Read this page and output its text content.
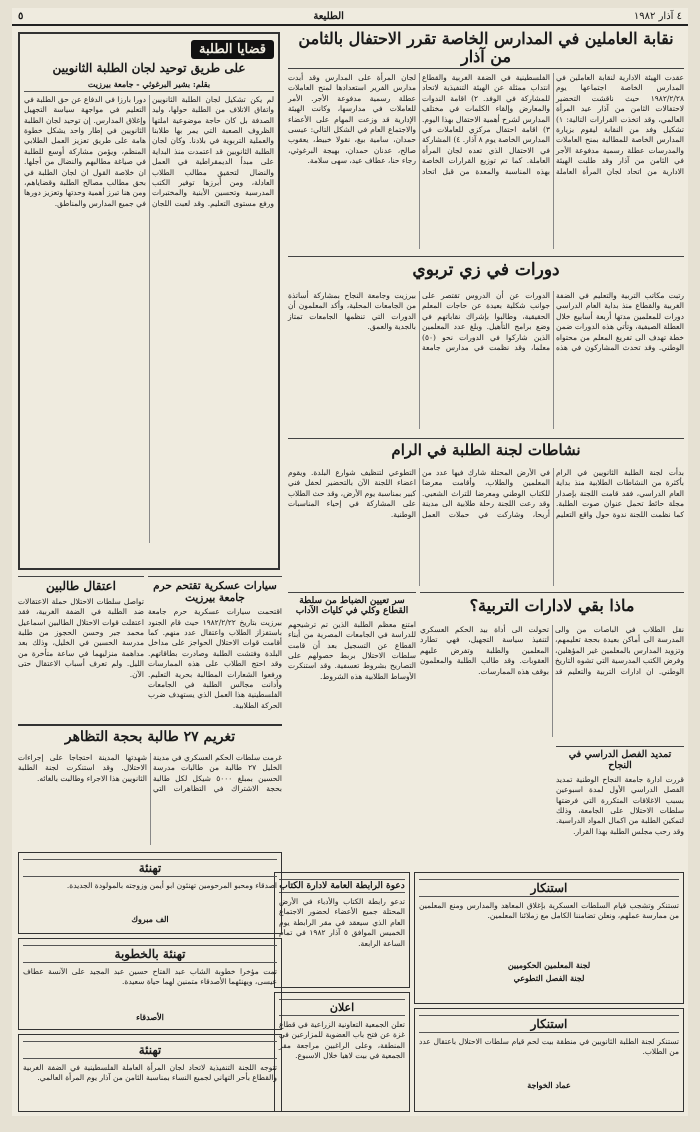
٥	الطليعة	٤ آذار ١٩٨٢
نقابة العاملين في المدارس الخاصة تقرر الاحتفال بالثامن من آذار
عقدت الهيئة الادارية لنقابة العاملين في المدارس الخاصة اجتماعها يوم ١٩٨٢/٢/٢٨ حيث ناقشت التحضير لاحتفالات الثامن من آذار عيد المرأة العالمي، وقد اتخذت القرارات التالية: ١) تشكيل وفد من النقابة ليقوم بزيارة المدارس الخاصة للمطالبة بمنح العاملات والمدرسات عطلة رسمية مدفوعة الأجر في الثامن من آذار وقد طلبت الهيئة الادارية من اتحاد لجان المرأة العاملة الفلسطينية في الضفة الغربية والقطاع انتداب ممثلة عن الهيئة التنفيذية لاتحاد للمشاركة في الوفد. ٢) اقامة الندوات والمعارض وإلقاء الكلمات في مختلف المدارس لشرح أهمية الاحتفال بهذا اليوم. ٣) اقامة احتفال مركزي للعاملات في المدارس الخاصة يوم ٨ آذار. ٤) المشاركة في الاحتفال الذي تعده لجان المرأة العاملة. كما تم توزيع القرارات الخاصة بهذه المناسبة والمعدة من قبل اتحاد لجان المرأة على المدارس وقد أبدت مدارس الفرير استعدادها لمنح العاملات عطلة رسمية مدفوعة الأجر. الأمر للعاملات في مدارسها، وكانت الهيئة الإدارية قد وزعت المهام على الأعضاء والاجتماع العام في الشكل التالي: عيسى حمدان، سامية بيغ، نقولا خبيط، يعقوب صالح، عدنان حمدان، بهيجة البرغوثي، رجاء حنا، عطاف عيد، سهى سلامة.
قضايا الطلبة
على طريق توحيد لجان الطلبة الثانويين
بقلم: بشير البرغوثي - جامعة بيرزيت
لم يكن تشكيل لجان الطلبة الثانويين واتفاق الاتلاف من الطلبة حولها، وليد الصدفة بل كان حاجة موضوعية املتها الظروف الصعبة التي يمر بها طلابنا والعملية التربوية في بلادنا. وكان لجان الطلبة الثانويين قد اعتمدت منذ البداية على مبدأ الديمقراطية في العمل والنضال لتحقيق مطالب الطلاب العادلة، ومن أبرزها توفير الكتب المدرسية وتحسين الأبنية والمختبرات ورفع مستوى التعليم. وقد لعبت اللجان دورا بارزا في الدفاع عن حق الطلبة في التعليم في مواجهة سياسة التجهيل وإغلاق المدارس. إن توحيد لجان الطلبة الثانويين في إطار واحد يشكل خطوة هامة على طريق تعزيز العمل الطلابي المنظم، ويؤمن مشاركة أوسع للطلبة في صياغة مطالبهم والنضال من أجلها. ان خلاصة القول ان لجان الطلبة في بحق مطالب مصالح الطلبة وقضاياهم، ومن هنا تبرز أهمية وحدتها وتعزيز دورها في جميع المدارس والمناطق.
دورات في زي تربوي
رتبت مكاتب التربية والتعليم في الضفة الغربية والقطاع منذ بداية العام الدراسي دورات للمعلمين مدتها أربعة أسابيع خلال العطلة الصيفية، وتأتي هذه الدورات ضمن خطة تهدف الى تفريغ المعلم من محتواه الوطني. وقد تحدث المشاركون في هذه الدورات عن أن الدروس تقتصر على جوانب شكلية بعيدة عن حاجات المعلم الحقيقية، وطالبوا بإشراك نقاباتهم في وضع برامج التأهيل. وبلغ عدد المعلمين الذين شاركوا في الدورات نحو (٥٠) معلما، وقد نظمت في مدارس جامعة بيرزيت وجامعة النجاح بمشاركة أساتذة من الجامعات المحلية، وأكد المعلمون أن الدورات التي تنظمها الجامعات تمتاز بالجدية والعمق.
نشاطات لجنة الطلبة في الرام
بدأت لجنة الطلبة الثانويين في الرام بأكثرة من النشاطات الطلابية منذ بداية العام الدراسي، فقد قامت اللجنة بإصدار مجلة حائط تحمل عنوان صوت الطلبة. كما نظمت اللجنة ندوة حول واقع التعليم في الأرض المحتلة شارك فيها عدد من المعلمين والطلاب، وأقامت معرضا للكتاب الوطني ومعرضا للتراث الشعبي. وقد رعت اللجنة رحلة طلابية الى مدينة أريحا، وشاركت في حملات العمل التطوعي لتنظيف شوارع البلدة. ويقوم اعضاء اللجنة الآن بالتحضير لحفل فني كبير بمناسبة يوم الأرض، وقد حث الطلاب على المشاركة في إحياء المناسبات الوطنية.
سيارات عسكرية تقتحم حرم جامعة بيرزيت
اقتحمت سيارات عسكرية حرم جامعة بيرزيت بتاريخ ١٩٨٢/٢/٢٢ حيث قام الجنود باستفزاز الطلاب واعتقال عدد منهم. كما أقامت قوات الاحتلال الحواجز على مداخل البلدة وفتشت الطلبة وصادرت بطاقاتهم. وقد احتج الطلاب على هذه الممارسات ورفعوا الشعارات المطالبة بحرية التعليم. وأدانت مجالس الطلبة في الجامعات الفلسطينية هذا العمل الذي يستهدف ضرب الحركة الطلابية.
اعتقال طالبين
تواصل سلطات الاحتلال حملة الاعتقالات ضد الطلبة في الضفة الغربية، فقد اعتقلت قوات الاحتلال الطالبين اسماعيل محمد جبر وحسن الحجوز من طلبة مدرسة الحسين في الخليل، وذلك بعد مداهمة منزليهما في ساعة متأخرة من الليل. ولم تعرف أسباب الاعتقال حتى الآن.
سر تعيين الضباط من سلطة القطاع وكلي في كليات الآداب
امتنع معظم الطلبة الذين تم ترشيحهم للدراسة في الجامعات المصرية من أبناء القطاع عن التسجيل بعد أن قامت سلطات الاحتلال بربط حصولهم على التصاريح بشروط تعسفية. وقد استنكرت الأوساط الطلابية هذه الشروط.
ماذا بقي لادارات التربية؟
نقل الطلاب في الباصات من والى المدرسة الى أماكن بعيدة بحجة تعليمهم، وتزويد المدارس بالمعلمين غير المؤهلين، وفرض الكتب المدرسية التي تشوه التاريخ الوطني. ان ادارات التربية والتعليم قد تحولت الى أداة بيد الحكم العسكري لتنفيذ سياسة التجهيل، فهي تطارد المعلمين والطلبة وتفرض عليهم العقوبات. وقد طالب الطلبة والمعلمون بوقف هذه الممارسات.
تمديد الفصل الدراسي في النجاح
قررت ادارة جامعة النجاح الوطنية تمديد الفصل الدراسي الأول لمدة اسبوعين بسبب الاغلاقات المتكررة التي فرضتها سلطات الاحتلال على الجامعة، وذلك لتمكين الطلبة من اكمال المواد الدراسية. وقد رحب مجلس الطلبة بهذا القرار.
تغريم ٢٧ طالبة بحجة التظاهر
غرمت سلطات الحكم العسكري في مدينة الخليل ٢٧ طالبة من طالبات مدرسة الحسين بمبلغ ٥٠٠٠ شيكل لكل طالبة بحجة الاشتراك في التظاهرات التي شهدتها المدينة احتجاجا على إجراءات الاحتلال. وقد استنكرت لجنة الطلبة الثانويين هذا الاجراء وطالبت بالغائه.
استنكار
تستنكر وتشجب قيام السلطات العسكرية بإغلاق المعاهد والمدارس ومنع المعلمين من ممارسة عملهم، ونعلن تضامننا الكامل مع زملائنا المعلمين.
لجنة المعلمين الحكوميين
لجنة الفصل التطوعي
استنكار
تستنكر لجنة الطلبة الثانويين في منطقة بيت لحم قيام سلطات الاحتلال باعتقال عدد من الطلاب.
عماد الخواجة
دعوة الرابطة العامة لادارة الكتاب
تدعو رابطة الكتاب والأدباء في الأرض المحتلة جميع الأعضاء لحضور الاجتماع العام الذي سيعقد في مقر الرابطة يوم الخميس الموافق ٥ آذار ١٩٨٢ في تمام الساعة الرابعة.
اعلان
تعلن الجمعية التعاونية الزراعية في قطاع غزة عن فتح باب العضوية للمزارعين في المنطقة، وعلى الراغبين مراجعة مقر الجمعية في بيت لاهيا خلال الاسبوع.
تهنئة
اصدقاء ومحبو المرحومين تهنئون ابو أيمن وزوجته بالمولودة الجديدة.
الف مبروك
تهنئة بالخطوبة
تمت مؤخرا خطوبة الشاب عبد الفتاح حسين عبد المجيد على الآنسة عطاف عيسى، ويهنئهما الأصدقاء متمنين لهما حياة سعيدة.
الأصدقاء
تهنئة
تتوجه اللجنة التنفيذية لاتحاد لجان المرأة العاملة الفلسطينية في الضفة الغربية والقطاع بأحر التهاني لجميع النساء بمناسبة الثامن من آذار يوم المرأة العالمي.
